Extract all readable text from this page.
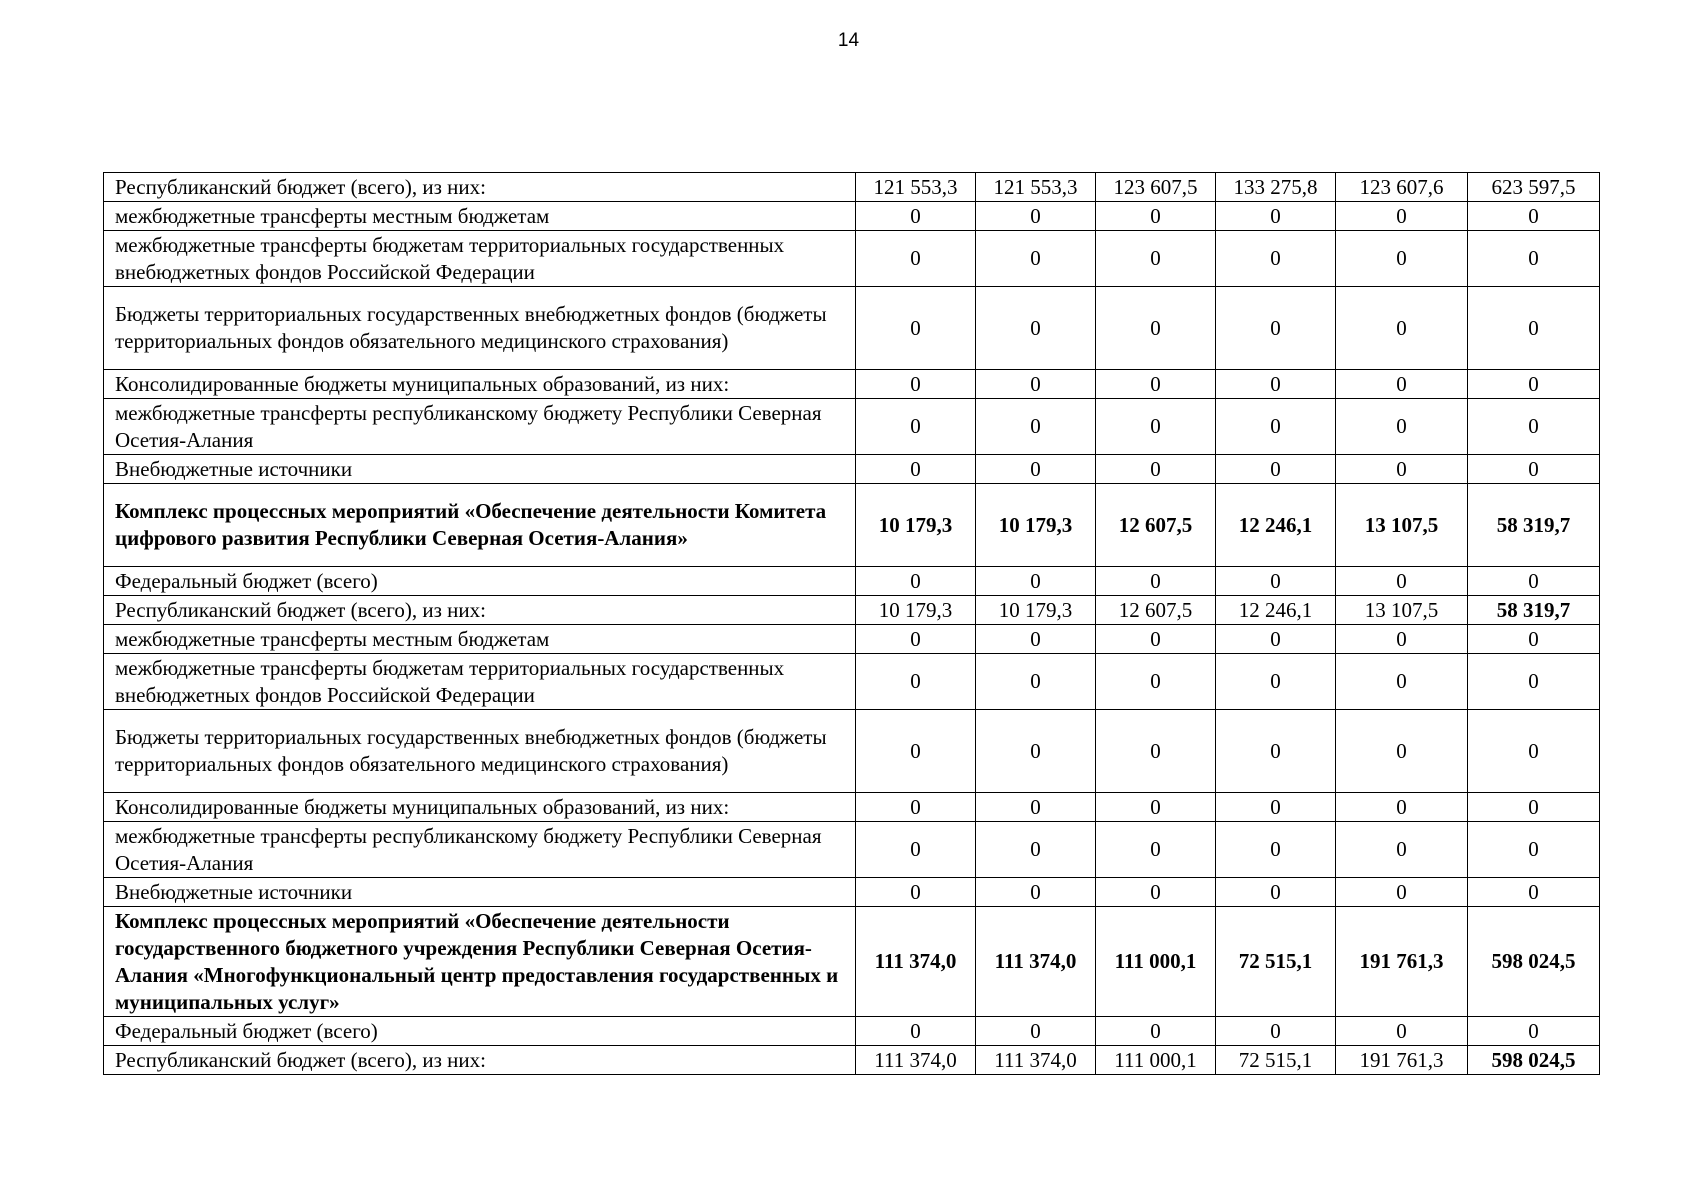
14
Республиканский бюджет (всего), из них:	121 553,3	121 553,3	123 607,5	133 275,8	123 607,6	623 597,5
межбюджетные трансферты местным бюджетам	0	0	0	0	0	0
межбюджетные трансферты бюджетам территориальных государственных внебюджетных фондов Российской Федерации	0	0	0	0	0	0
Бюджеты территориальных государственных внебюджетных фондов (бюджеты территориальных фондов обязательного медицинского страхования)	0	0	0	0	0	0
Консолидированные бюджеты муниципальных образований, из них:	0	0	0	0	0	0
межбюджетные трансферты республиканскому бюджету Республики Северная Осетия-Алания	0	0	0	0	0	0
Внебюджетные источники	0	0	0	0	0	0
Комплекс процессных мероприятий «Обеспечение деятельности Комитета цифрового развития Республики Северная Осетия-Алания»	10 179,3	10 179,3	12 607,5	12 246,1	13 107,5	58 319,7
Федеральный бюджет (всего)	0	0	0	0	0	0
Республиканский бюджет (всего), из них:	10 179,3	10 179,3	12 607,5	12 246,1	13 107,5	58 319,7
межбюджетные трансферты местным бюджетам	0	0	0	0	0	0
межбюджетные трансферты бюджетам территориальных государственных внебюджетных фондов Российской Федерации	0	0	0	0	0	0
Бюджеты территориальных государственных внебюджетных фондов (бюджеты территориальных фондов обязательного медицинского страхования)	0	0	0	0	0	0
Консолидированные бюджеты муниципальных образований, из них:	0	0	0	0	0	0
межбюджетные трансферты республиканскому бюджету Республики Северная Осетия-Алания	0	0	0	0	0	0
Внебюджетные источники	0	0	0	0	0	0
Комплекс процессных мероприятий «Обеспечение деятельности государственного бюджетного учреждения Республики Северная Осетия-Алания «Многофункциональный центр предоставления государственных и муниципальных услуг»	111 374,0	111 374,0	111 000,1	72 515,1	191 761,3	598 024,5
Федеральный бюджет (всего)	0	0	0	0	0	0
Республиканский бюджет (всего), из них:	111 374,0	111 374,0	111 000,1	72 515,1	191 761,3	598 024,5
